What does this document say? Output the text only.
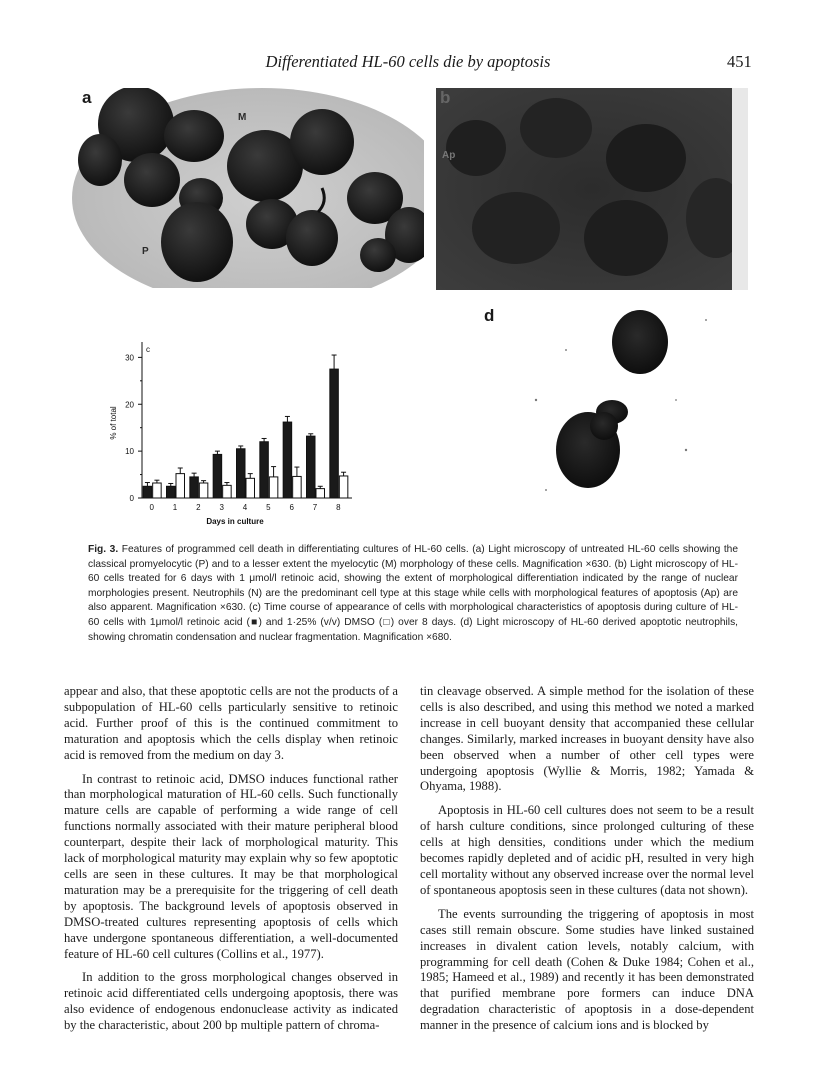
Differentiated HL-60 cells die by apoptosis	451
a
M
P
b
Ap
0
10
20
30
c
% of total
0 1 2 3 4 5 6 7 8
Days in culture
d
Fig. 3. Features of programmed cell death in differentiating cultures of HL-60 cells. (a) Light microscopy of untreated HL-60 cells showing the classical promyelocytic (P) and to a lesser extent the myelocytic (M) morphology of these cells. Magnification ×630. (b) Light microscopy of HL-60 cells treated for 6 days with 1 μmol/l retinoic acid, showing the extent of morphological differentiation indicated by the range of nuclear morphologies present. Neutrophils (N) are the predominant cell type at this stage while cells with morphological features of apoptosis (Ap) are also apparent. Magnification ×630. (c) Time course of appearance of cells with morphological characteristics of apoptosis during culture of HL-60 cells with 1μmol/l retinoic acid (■) and 1·25% (v/v) DMSO (□) over 8 days. (d) Light microscopy of HL-60 derived apoptotic neutrophils, showing chromatin condensation and nuclear fragmentation. Magnification ×680.

appear and also, that these apoptotic cells are not the products of a subpopulation of HL-60 cells particularly sensitive to retinoic acid. Further proof of this is the continued commitment to maturation and apoptosis which the cells display when retinoic acid is removed from the medium on day 3.

In contrast to retinoic acid, DMSO induces functional rather than morphological maturation of HL-60 cells. Such functionally mature cells are capable of performing a wide range of cell functions normally associated with their mature peripheral blood counterpart, despite their lack of morphological maturity. This lack of morphological maturity may explain why so few apoptotic cells are seen in these cultures. It may be that morphological maturation may be a prerequisite for the triggering of cell death by apoptosis. The background levels of apoptosis observed in DMSO-treated cultures representing apoptosis of cells which have undergone spontaneous differentiation, a well-documented feature of HL-60 cell cultures (Collins et al., 1977).

In addition to the gross morphological changes observed in retinoic acid differentiated cells undergoing apoptosis, there was also evidence of endogenous endonuclease activity as indicated by the characteristic, about 200 bp multiple pattern of chroma-

tin cleavage observed. A simple method for the isolation of these cells is also described, and using this method we noted a marked increase in cell buoyant density that accompanied these cellular changes. Similarly, marked increases in buoyant density have also been observed when a number of other cell types were undergoing apoptosis (Wyllie & Morris, 1982; Yamada & Ohyama, 1988).

Apoptosis in HL-60 cell cultures does not seem to be a result of harsh culture conditions, since prolonged culturing of these cells at high densities, conditions under which the medium becomes rapidly depleted and of acidic pH, resulted in very high cell mortality without any observed increase over the normal level of spontaneous apoptosis seen in these cultures (data not shown).

The events surrounding the triggering of apoptosis in most cases still remain obscure. Some studies have linked sustained increases in divalent cation levels, notably calcium, with programming for cell death (Cohen & Duke 1984; Cohen et al., 1985; Hameed et al., 1989) and recently it has been demonstrated that purified membrane pore formers can induce DNA degradation characteristic of apoptosis in a dose-dependent manner in the presence of calcium ions and is blocked by
